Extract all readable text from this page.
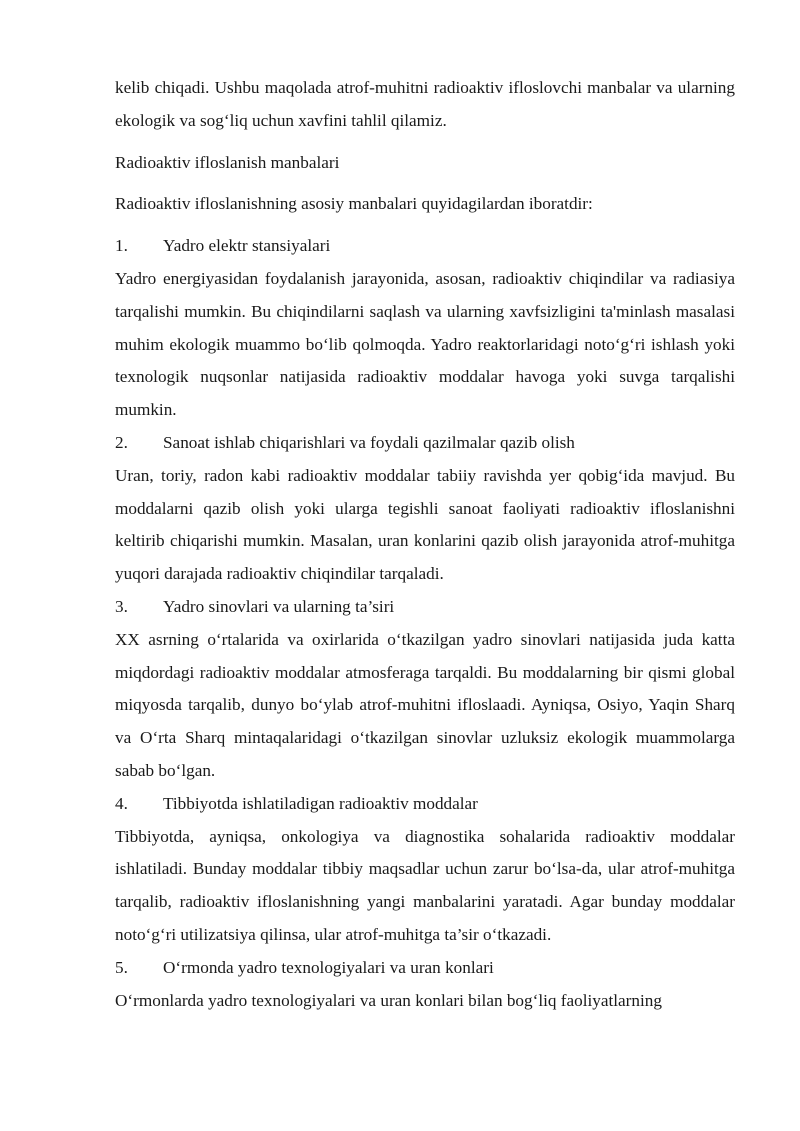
kelib chiqadi. Ushbu maqolada atrof-muhitni radioaktiv ifloslovchi manbalar va ularning ekologik va sog‘liq uchun xavfini tahlil qilamiz.

Radioaktiv ifloslanish manbalari

Radioaktiv ifloslanishning asosiy manbalari quyidagilardan iboratdir:

1.	Yadro elektr stansiyalari

Yadro energiyasidan foydalanish jarayonida, asosan, radioaktiv chiqindilar va radiasiya tarqalishi mumkin. Bu chiqindilarni saqlash va ularning xavfsizligini ta'minlash masalasi muhim ekologik muammo bo‘lib qolmoqda. Yadro reaktorlaridagi noto‘g‘ri ishlash yoki texnologik nuqsonlar natijasida radioaktiv moddalar havoga yoki suvga tarqalishi mumkin.

2.	Sanoat ishlab chiqarishlari va foydali qazilmalar qazib olish

Uran, toriy, radon kabi radioaktiv moddalar tabiiy ravishda yer qobig‘ida mavjud. Bu moddalarni qazib olish yoki ularga tegishli sanoat faoliyati radioaktiv ifloslanishni keltirib chiqarishi mumkin. Masalan, uran konlarini qazib olish jarayonida atrof-muhitga yuqori darajada radioaktiv chiqindilar tarqaladi.

3.	Yadro sinovlari va ularning ta’siri

XX asrning o‘rtalarida va oxirlarida o‘tkazilgan yadro sinovlari natijasida juda katta miqdordagi radioaktiv moddalar atmosferaga tarqaldi. Bu moddalarning bir qismi global miqyosda tarqalib, dunyo bo‘ylab atrof-muhitni ifloslaadi. Ayniqsa, Osiyo, Yaqin Sharq va O‘rta Sharq mintaqalaridagi o‘tkazilgan sinovlar uzluksiz ekologik muammolarga sabab bo‘lgan.

4.	Tibbiyotda ishlatiladigan radioaktiv moddalar

Tibbiyotda, ayniqsa, onkologiya va diagnostika sohalarida radioaktiv moddalar ishlatiladi. Bunday moddalar tibbiy maqsadlar uchun zarur bo‘lsa-da, ular atrof-muhitga tarqalib, radioaktiv ifloslanishning yangi manbalarini yaratadi. Agar bunday moddalar noto‘g‘ri utilizatsiya qilinsa, ular atrof-muhitga ta’sir o‘tkazadi.

5.	O‘rmonda yadro texnologiyalari va uran konlari

O‘rmonlarda yadro texnologiyalari va uran konlari bilan bog‘liq faoliyatlarning
